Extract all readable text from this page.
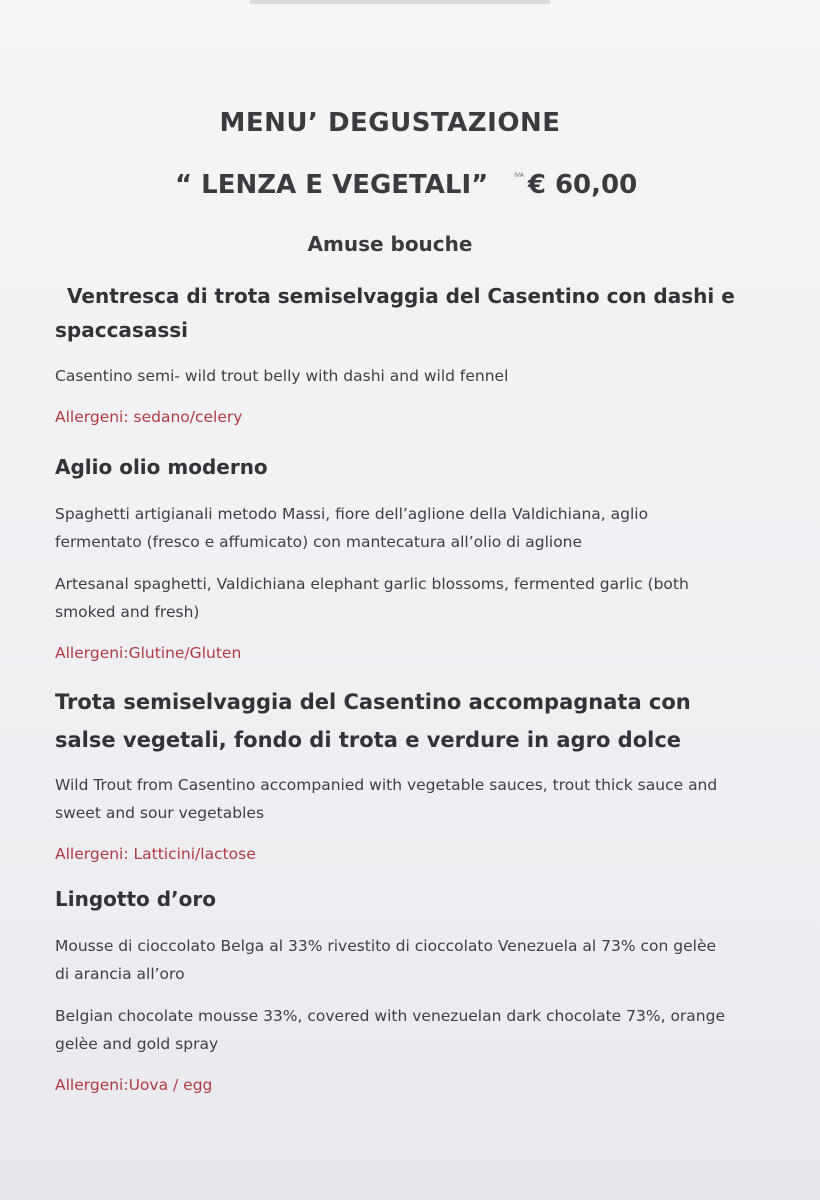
MENU’ DEGUSTAZIONE
“ LENZA E VEGETALI”	IVA € 60,00
Amuse bouche
Ventresca di trota semiselvaggia del Casentino con dashi e spaccasassi
Casentino semi- wild trout belly with dashi and wild fennel
Allergeni: sedano/celery
Aglio olio moderno
Spaghetti artigianali metodo Massi, fiore dell’aglione della Valdichiana, aglio fermentato (fresco e affumicato) con mantecatura all’olio di aglione
Artesanal spaghetti, Valdichiana elephant garlic blossoms, fermented garlic (both smoked and fresh)
Allergeni:Glutine/Gluten
Trota semiselvaggia del Casentino accompagnata con salse vegetali, fondo di trota e verdure in agro dolce
Wild Trout from Casentino accompanied with vegetable sauces, trout thick sauce and sweet and sour vegetables
Allergeni: Latticini/lactose
Lingotto d’oro
Mousse di cioccolato Belga al 33% rivestito di cioccolato Venezuela al 73% con gelèe di arancia all’oro
Belgian chocolate mousse 33%, covered with venezuelan dark chocolate 73%, orange gelèe and gold spray
Allergeni:Uova / egg
